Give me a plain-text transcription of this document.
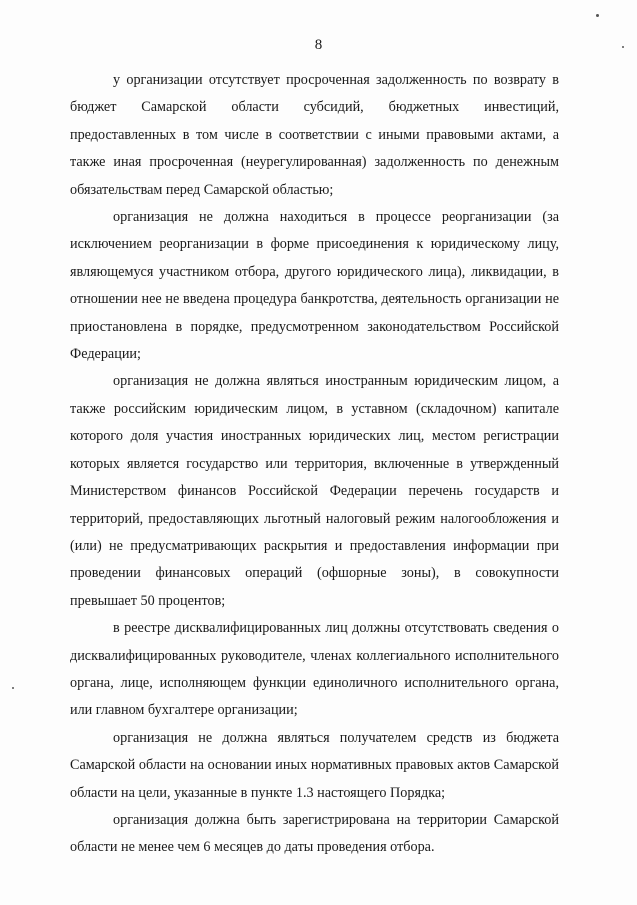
8

у организации отсутствует просроченная задолженность по возврату в бюджет Самарской области субсидий, бюджетных инвестиций, предоставленных в том числе в соответствии с иными правовыми актами, а также иная просроченная (неурегулированная) задолженность по денежным обязательствам перед Самарской областью;

организация не должна находиться в процессе реорганизации (за исключением реорганизации в форме присоединения к юридическому лицу, являющемуся участником отбора, другого юридического лица), ликвидации, в отношении нее не введена процедура банкротства, деятельность организации не приостановлена в порядке, предусмотренном законодательством Российской Федерации;

организация не должна являться иностранным юридическим лицом, а также российским юридическим лицом, в уставном (складочном) капитале которого доля участия иностранных юридических лиц, местом регистрации которых является государство или территория, включенные в утвержденный Министерством финансов Российской Федерации перечень государств и территорий, предоставляющих льготный налоговый режим налогообложения и (или) не предусматривающих раскрытия и предоставления информации при проведении финансовых операций (офшорные зоны), в совокупности превышает 50 процентов;

в реестре дисквалифицированных лиц должны отсутствовать сведения о дисквалифицированных руководителе, членах коллегиального исполнительного органа, лице, исполняющем функции единоличного исполнительного органа, или главном бухгалтере организации;

организация не должна являться получателем средств из бюджета Самарской области на основании иных нормативных правовых актов Самарской области на цели, указанные в пункте 1.3 настоящего Порядка;

организация должна быть зарегистрирована на территории Самарской области не менее чем 6 месяцев до даты проведения отбора.
